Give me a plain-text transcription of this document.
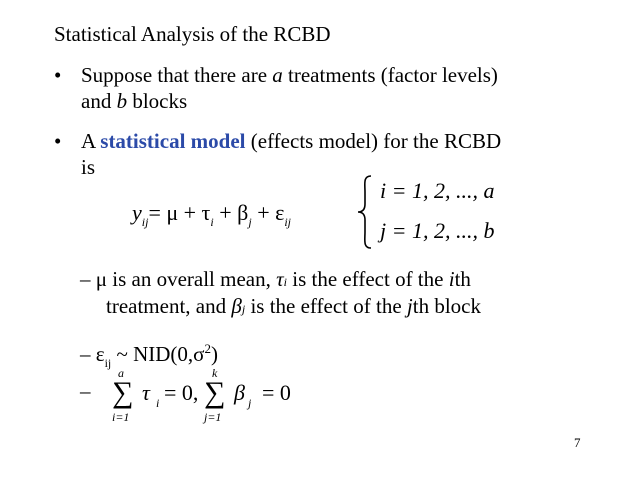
Statistical Analysis of the RCBD
• Suppose that there are a treatments (factor levels)
and b blocks
• A statistical model (effects model) for the RCBD
is
$y_{ij}= \mu + \tau_i + \beta_j + \varepsilon_{ij}$
i = 1, 2, ..., a
j = 1, 2, ..., b
– μ is an overall mean, τi is the effect of the ith
treatment, and βj is the effect of the jth block
– $\varepsilon_{ij}$ ~ $NID(0,\sigma^2)$
–
a
∑
i=1
τ i = 0,
k
∑
j=1
β j = 0
7
